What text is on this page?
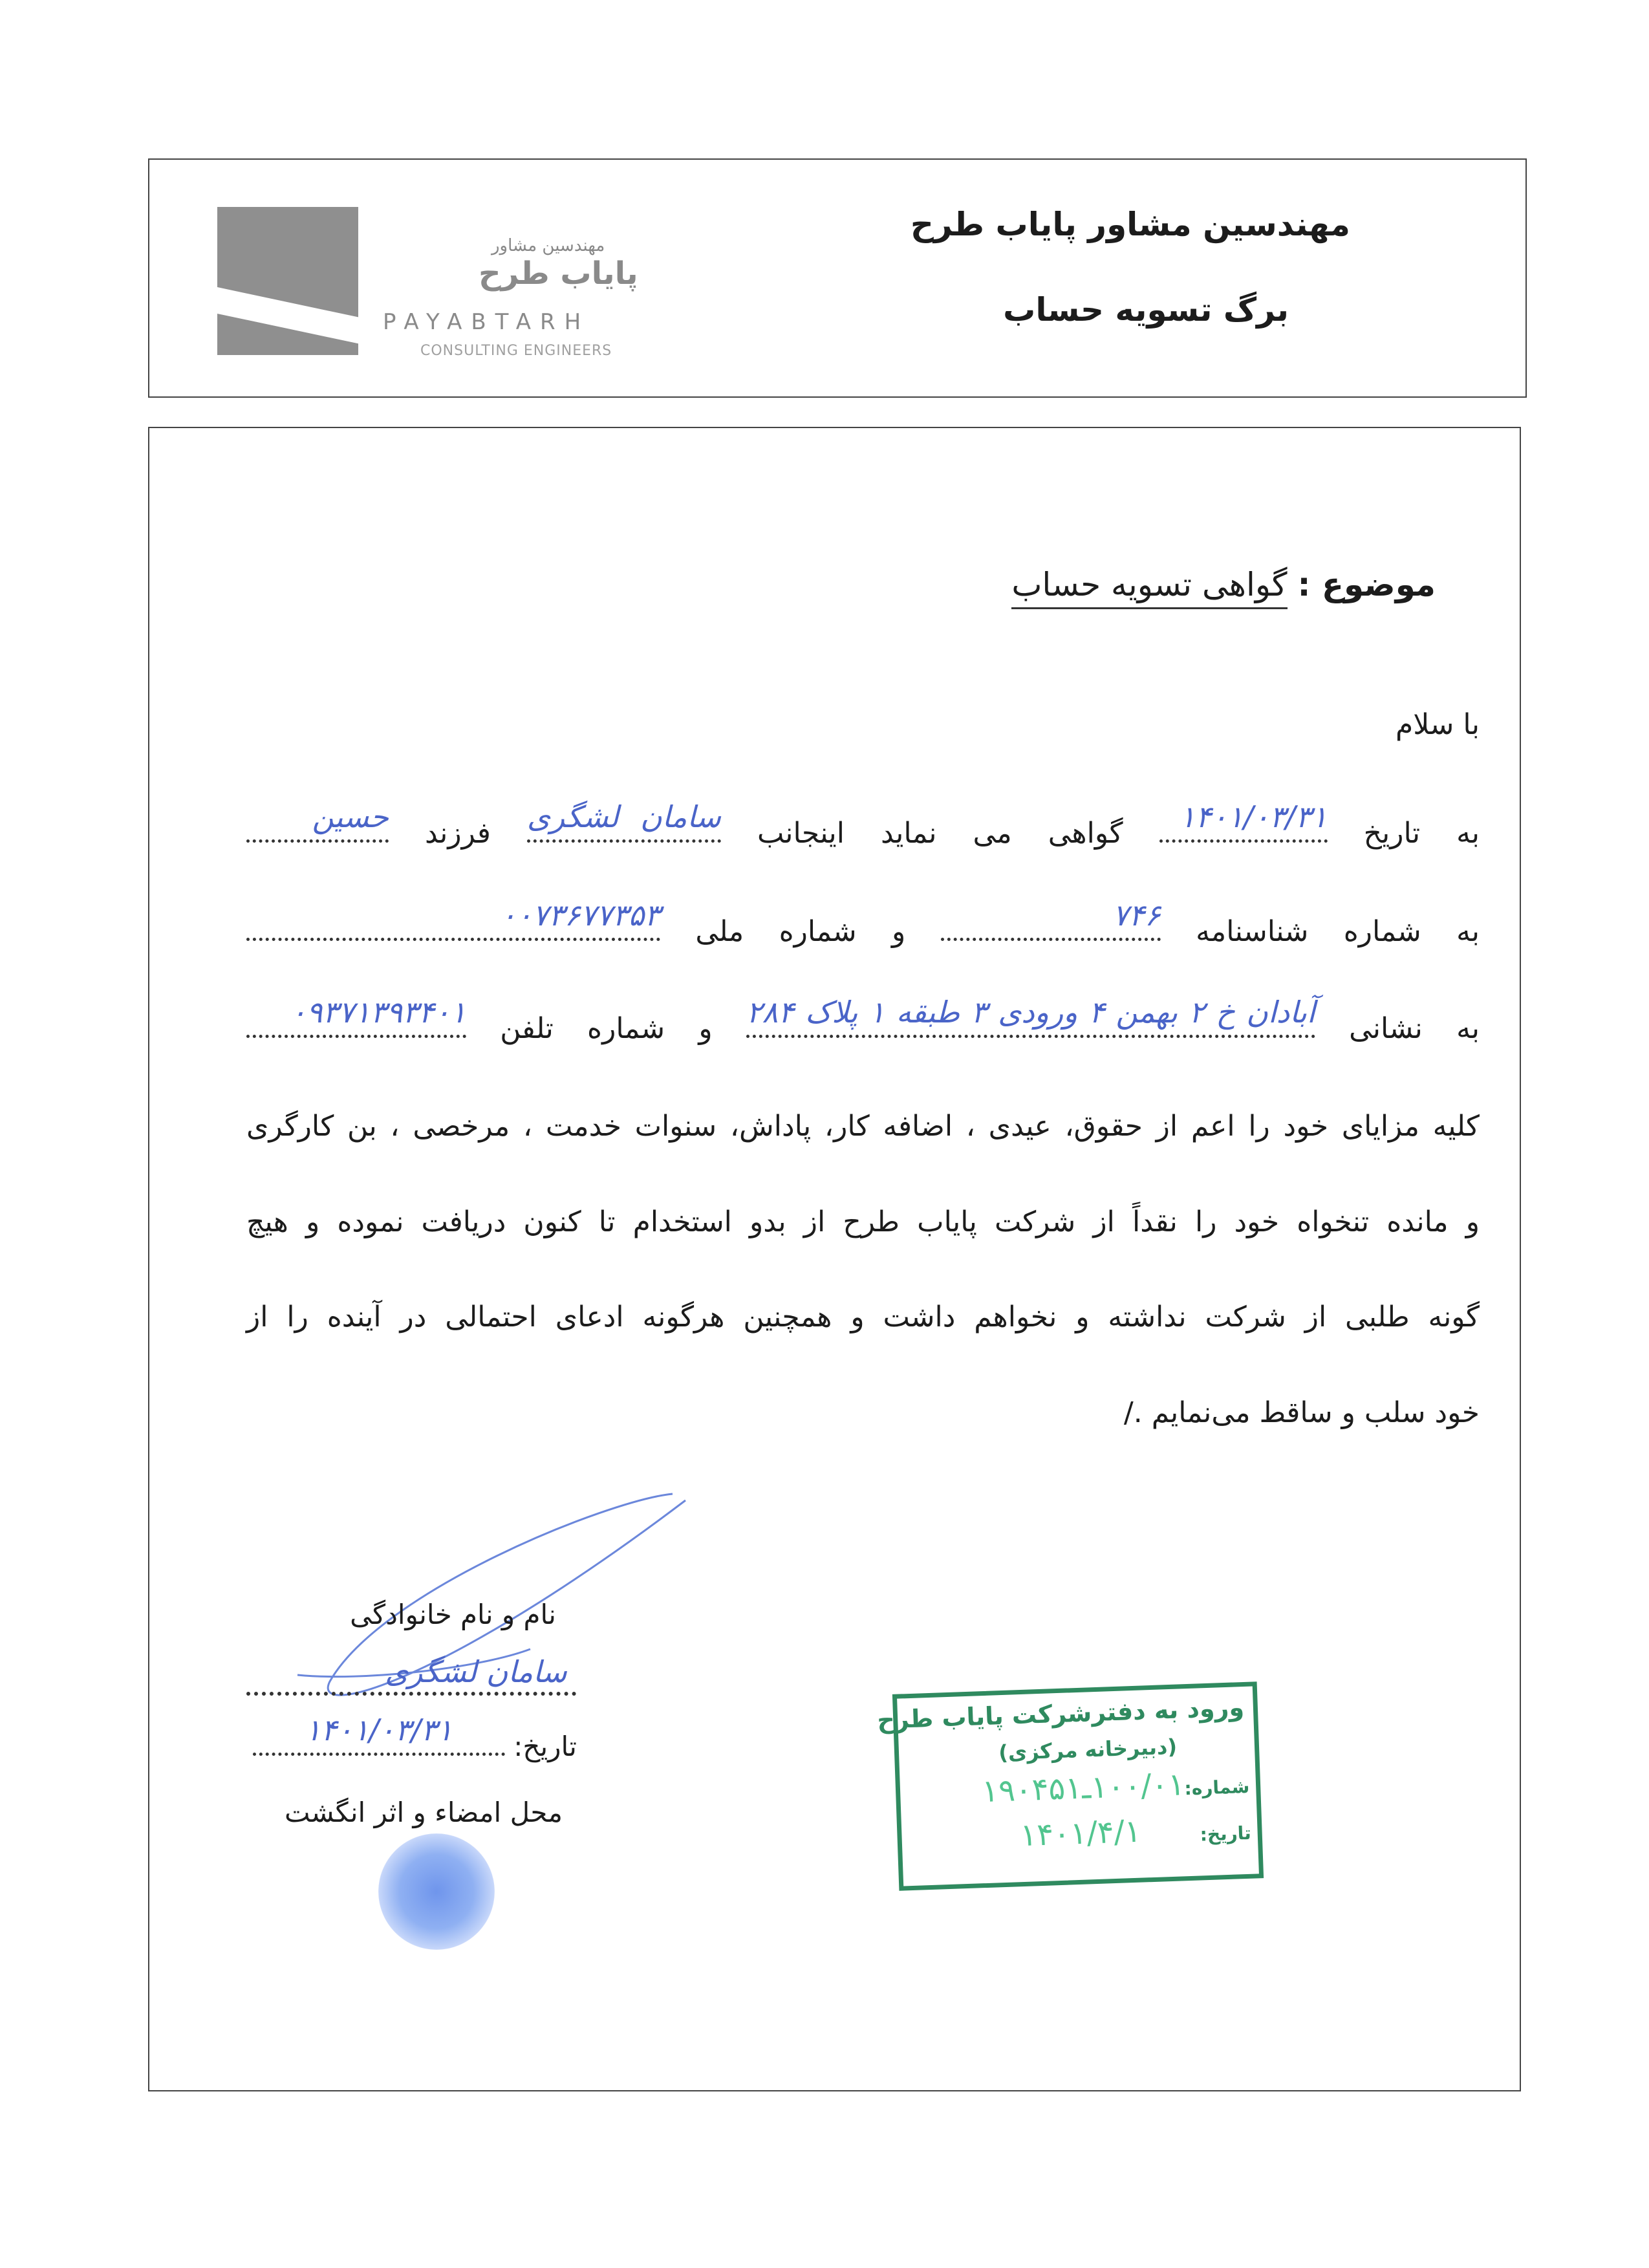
مهندسین مشاور
پایاب طرح
PAYABTARH
CONSULTING ENGINEERS
مهندسین مشاور پایاب طرح
برگ تسویه حساب
موضوع : گواهی تسویه حساب
با سلام
به تاریخ
۱۴۰۱/۰۳/۳۱
گواهی می نماید اینجانب
سامان لشگری
فرزند
حسین
به شماره شناسنامه
۷۴۶
و شماره ملی
۰۰۷۳۶۷۷۳۵۳
به نشانی
آبادان خ ۲ بهمن ۴ ورودی ۳ طبقه ۱ پلاک ۲۸۴
و شماره تلفن
۰۹۳۷۱۳۹۳۴۰۱
کلیه مزایای خود را اعم از حقوق، عیدی ، اضافه کار، پاداش، سنوات خدمت ، مرخصی ، بن کارگری
و مانده تنخواه خود را نقداً از شرکت پایاب طرح از بدو استخدام تا کنون دریافت نموده و هیچ
گونه طلبی از شرکت نداشته و نخواهم داشت و همچنین هرگونه ادعای احتمالی در آینده را از
خود سلب و ساقط می‌نمایم ./
نام و نام خانوادگی
سامان لشگری
تاریخ:
۱۴۰۱/۰۳/۳۱
محل امضاء و اثر انگشت
ورود به دفترشرکت پایاب طرح
(دبیرخانه مرکزی)
شماره:
۱۰۰/۰۱ـ۱۹۰۴۵۱
تاریخ:
۱۴۰۱/۴/۱
